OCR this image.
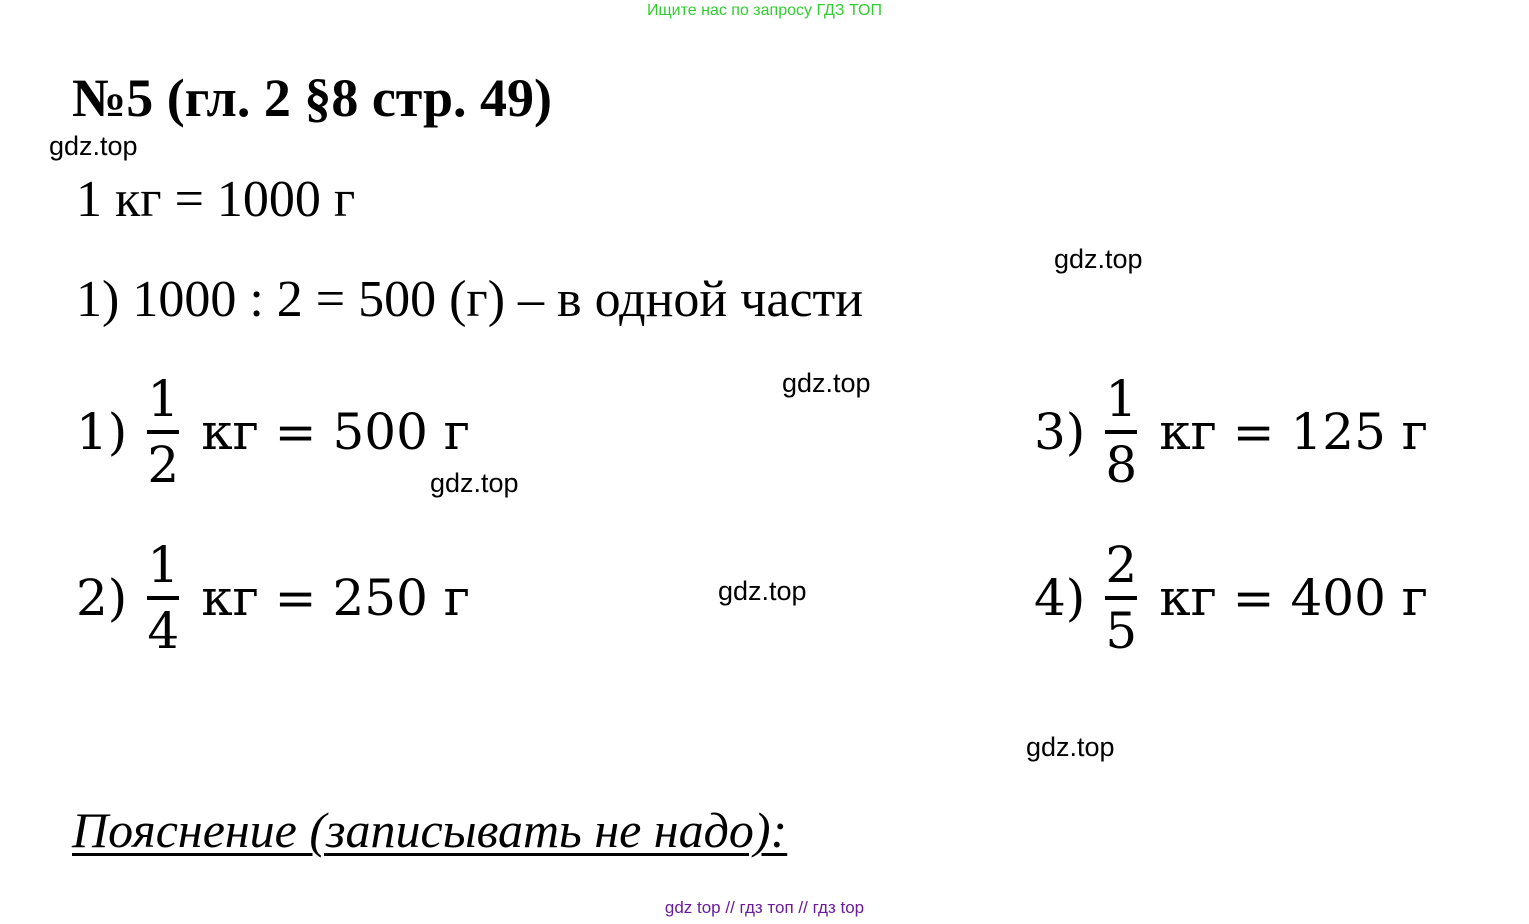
Ищите нас по запросу ГДЗ ТОП
№5 (гл. 2 §8 стр. 49)
gdz.top
1 кг = 1000 г
gdz.top
1) 1000 : 2 = 500 (г) – в одной части
gdz.top
$1) \frac{1}{2}$ кг = 500 г	$3) \frac{1}{8}$ кг = 125 г
gdz.top
$2) \frac{1}{4}$ кг = 250 г	gdz.top	$4) \frac{2}{5}$ кг = 400 г
gdz.top
Пояснение (записывать не надо):
gdz top // гдз топ // гдз top
